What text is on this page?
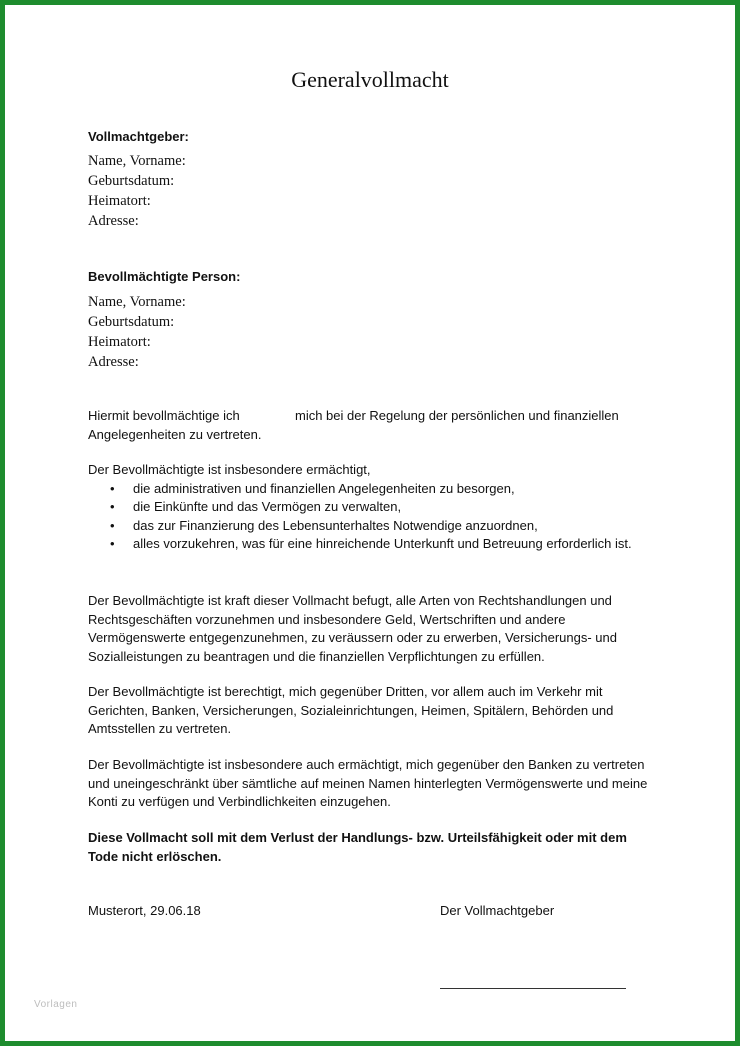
Generalvollmacht
Vollmachtgeber:
Name, Vorname:
Geburtsdatum:
Heimatort:
Adresse:
Bevollmächtigte Person:
Name, Vorname:
Geburtsdatum:
Heimatort:
Adresse:
Hiermit bevollmächtige ich	mich bei der Regelung der persönlichen und finanziellen
Angelegenheiten zu vertreten.

Der Bevollmächtigte ist insbesondere ermächtigt,

• die administrativen und finanziellen Angelegenheiten zu besorgen,
• die Einkünfte und das Vermögen zu verwalten,
• das zur Finanzierung des Lebensunterhaltes Notwendige anzuordnen,
• alles vorzukehren, was für eine hinreichende Unterkunft und Betreuung erforderlich ist.

Der Bevollmächtigte ist kraft dieser Vollmacht befugt, alle Arten von Rechtshandlungen und Rechtsgeschäften vorzunehmen und insbesondere Geld, Wertschriften und andere Vermögenswerte entgegenzunehmen, zu veräussern oder zu erwerben, Versicherungs- und Sozialleistungen zu beantragen und die finanziellen Verpflichtungen zu erfüllen.

Der Bevollmächtigte ist berechtigt, mich gegenüber Dritten, vor allem auch im Verkehr mit Gerichten, Banken, Versicherungen, Sozialeinrichtungen, Heimen, Spitälern, Behörden und Amtsstellen zu vertreten.

Der Bevollmächtigte ist insbesondere auch ermächtigt, mich gegenüber den Banken zu vertreten und uneingeschränkt über sämtliche auf meinen Namen hinterlegten Vermögenswerte und meine Konti zu verfügen und Verbindlichkeiten einzugehen.

Diese Vollmacht soll mit dem Verlust der Handlungs- bzw. Urteilsfähigkeit oder mit dem Tode nicht erlöschen.

Musterort, 29.06.18	Der Vollmachtgeber
Vorlagen
